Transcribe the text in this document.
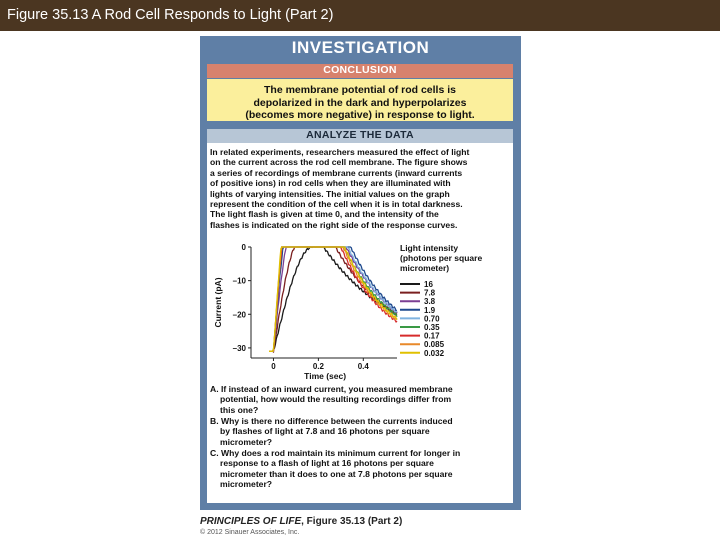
Figure 35.13 A Rod Cell Responds to Light (Part 2)
INVESTIGATION
CONCLUSION
The membrane potential of rod cells is
depolarized in the dark and hyperpolarizes
(becomes more negative) in response to light.
ANALYZE THE DATA
In related experiments, researchers measured the effect of light
on the current across the rod cell membrane. The figure shows
a series of recordings of membrane currents (inward currents
of positive ions) in rod cells when they are illuminated with
lights of varying intensities. The initial values on the graph
represent the condition of the cell when it is in total darkness.
The light flash is given at time 0, and the intensity of the
flashes is indicated on the right side of the response curves.
0
–10
–20
–30
0	0.2	0.4
Time (sec)
Current (pA)
Light intensity
(photons per square
micrometer)
16
7.8
3.8
1.9
0.70
0.35
0.17
0.085
0.032
A. If instead of an inward current, you measured membrane
potential, how would the resulting recordings differ from
this one?
B. Why is there no difference between the currents induced
by flashes of light at 7.8 and 16 photons per square
micrometer?
C. Why does a rod maintain its minimum current for longer in
response to a flash of light at 16 photons per square
micrometer than it does to one at 7.8 photons per square
micrometer?
PRINCIPLES OF LIFE, Figure 35.13 (Part 2)
© 2012 Sinauer Associates, Inc.
